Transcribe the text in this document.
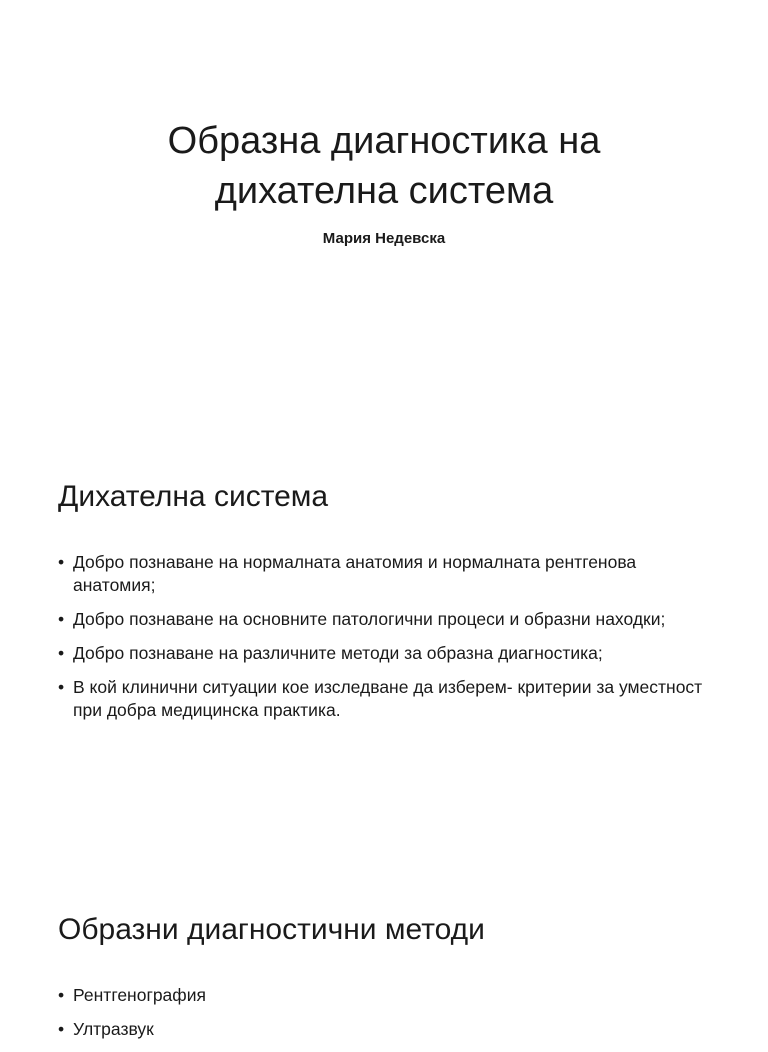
Образна диагностика на
дихателна система

Мария Недевска

Дихателна система
• Добро познаване на нормалната анатомия и нормалната рентгенова анатомия;
• Добро познаване на основните патологични процеси и образни находки;
• Добро познаване на различните методи за образна диагностика;
• В кой клинични ситуации кое изследване да изберем- критерии за уместност при добра медицинска практика.
Образни диагностични методи
• Рентгенография
• Ултразвук
